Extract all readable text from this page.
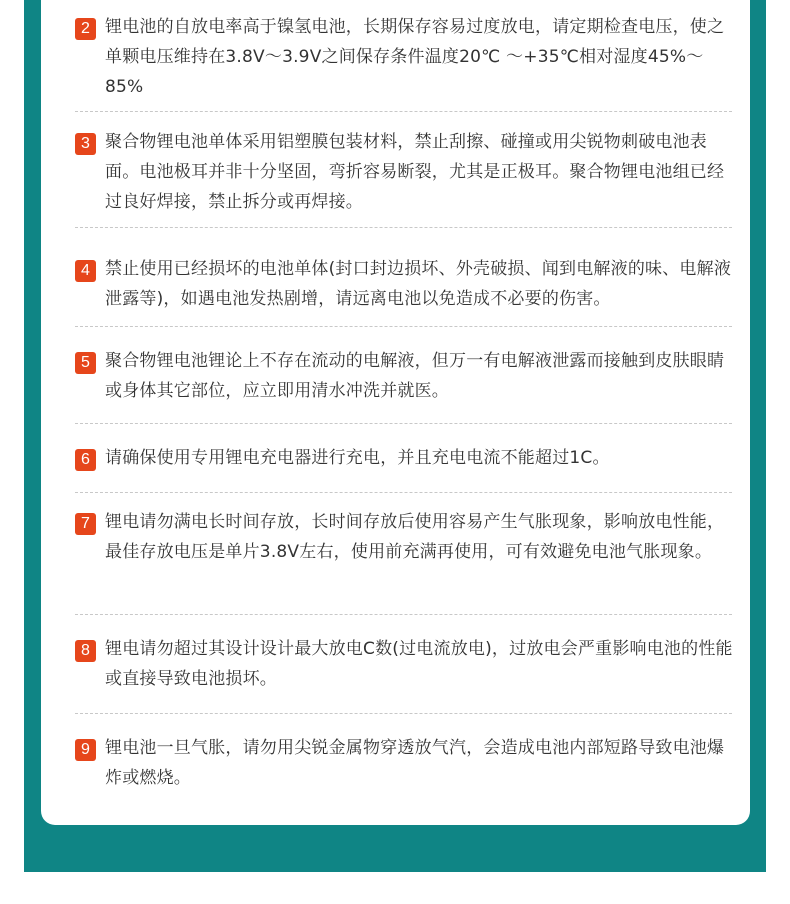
2 锂电池的自放电率高于镍氢电池，长期保存容易过度放电，请定期检查电压，使之单颗电压维持在3.8V～3.9V之间保存条件温度20℃ ～+35℃相对湿度45%～85%
3 聚合物锂电池单体采用铝塑膜包装材料，禁止刮擦、碰撞或用尖锐物刺破电池表面。电池极耳并非十分坚固，弯折容易断裂，尤其是正极耳。聚合物锂电池组已经过良好焊接，禁止拆分或再焊接。
4 禁止使用已经损坏的电池单体(封口封边损坏、外壳破损、闻到电解液的味、电解液泄露等)，如遇电池发热剧增，请远离电池以免造成不必要的伤害。
5 聚合物锂电池锂论上不存在流动的电解液，但万一有电解液泄露而接触到皮肤眼睛或身体其它部位，应立即用清水冲洗并就医。
6 请确保使用专用锂电充电器进行充电，并且充电电流不能超过1C。
7 锂电请勿满电长时间存放，长时间存放后使用容易产生气胀现象，影响放电性能，最佳存放电压是单片3.8V左右，使用前充满再使用，可有效避免电池气胀现象。
8 锂电请勿超过其设计设计最大放电C数(过电流放电)，过放电会严重影响电池的性能或直接导致电池损坏。
9 锂电池一旦气胀，请勿用尖锐金属物穿透放气汽，会造成电池内部短路导致电池爆炸或燃烧。
